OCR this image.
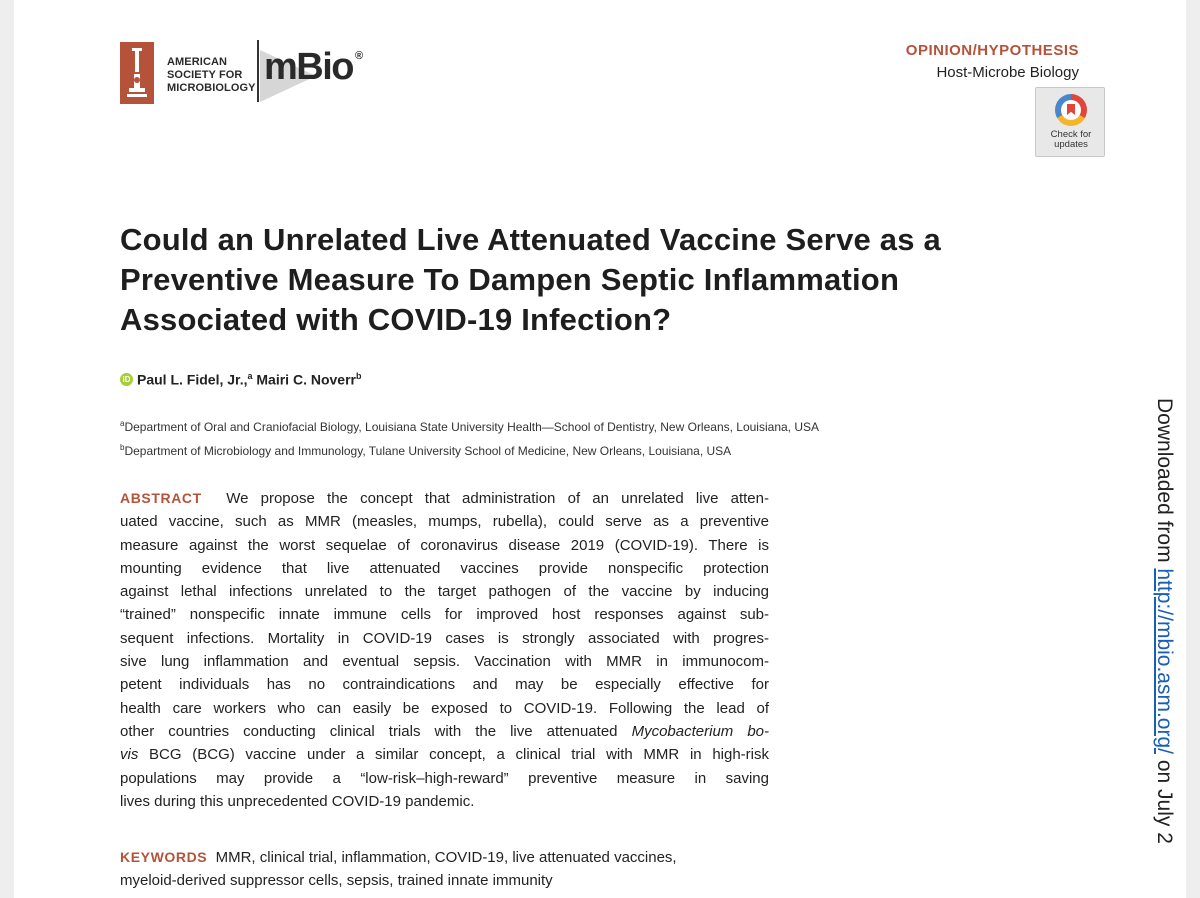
AMERICAN
SOCIETY FOR
MICROBIOLOGY mBio ®	OPINION/HYPOTHESIS
Host-Microbe Biology
Check for
updates
Could an Unrelated Live Attenuated Vaccine Serve as a
Preventive Measure To Dampen Septic Inflammation
Associated with COVID-19 Infection?
iD Paul L. Fidel, Jr.,$^a$ Mairi C. Noverr$^b$
$^a$Department of Oral and Craniofacial Biology, Louisiana State University Health—School of Dentistry, New Orleans, Louisiana, USA
$^b$Department of Microbiology and Immunology, Tulane University School of Medicine, New Orleans, Louisiana, USA
ABSTRACT We propose the concept that administration of an unrelated live atten-
uated vaccine, such as MMR (measles, mumps, rubella), could serve as a preventive
measure against the worst sequelae of coronavirus disease 2019 (COVID-19). There is
mounting evidence that live attenuated vaccines provide nonspecific protection
against lethal infections unrelated to the target pathogen of the vaccine by inducing
“trained” nonspecific innate immune cells for improved host responses against sub-
sequent infections. Mortality in COVID-19 cases is strongly associated with progres-
sive lung inflammation and eventual sepsis. Vaccination with MMR in immunocom-
petent individuals has no contraindications and may be especially effective for
health care workers who can easily be exposed to COVID-19. Following the lead of
other countries conducting clinical trials with the live attenuated Mycobacterium bo-
vis BCG (BCG) vaccine under a similar concept, a clinical trial with MMR in high-risk
populations may provide a “low-risk–high-reward” preventive measure in saving
lives during this unprecedented COVID-19 pandemic.
KEYWORDS MMR, clinical trial, inflammation, COVID-19, live attenuated vaccines,
myeloid-derived suppressor cells, sepsis, trained innate immunity
Downloaded from http://mbio.asm.org/ on July 2
